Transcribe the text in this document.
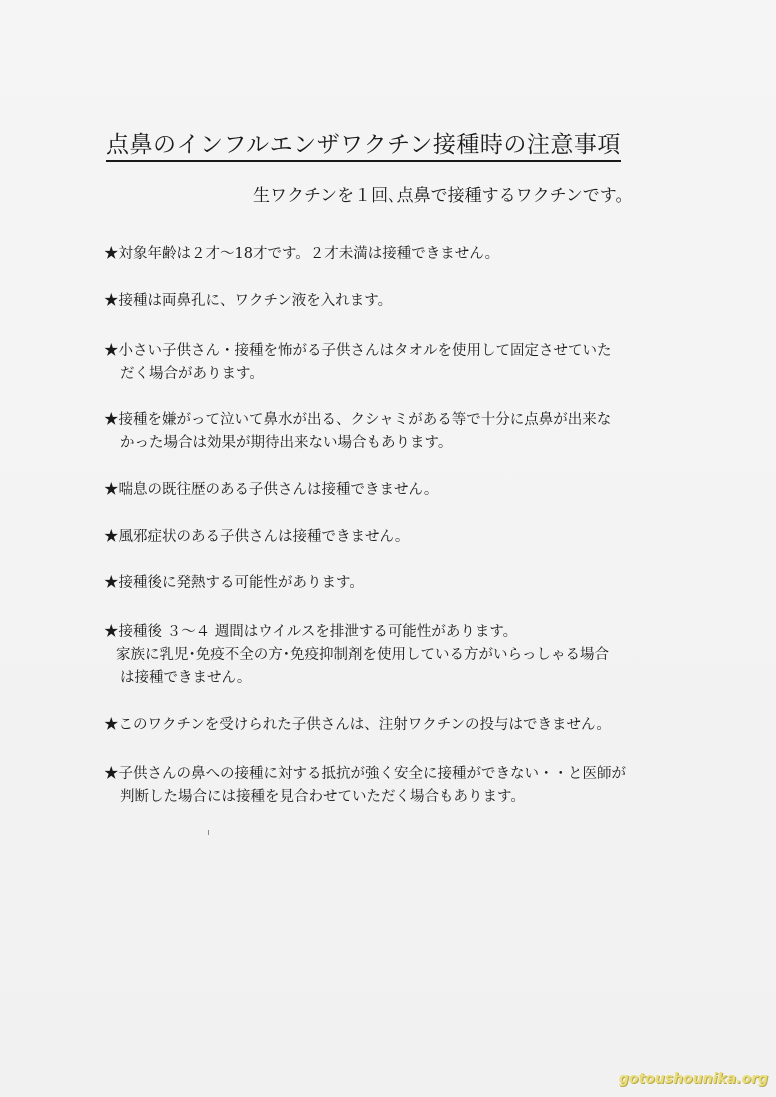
点鼻のインフルエンザワクチン接種時の注意事項
生ワクチンを１回､点鼻で接種するワクチンです。
★対象年齢は２才～18才です。２才未満は接種できません。
★接種は両鼻孔に、ワクチン液を入れます。
★小さい子供さん・接種を怖がる子供さんはタオルを使用して固定させていた
だく場合があります。
★接種を嫌がって泣いて鼻水が出る、クシャミがある等で十分に点鼻が出来な
かった場合は効果が期待出来ない場合もあります。
★喘息の既往歴のある子供さんは接種できません。
★風邪症状のある子供さんは接種できません。
★接種後に発熱する可能性があります。
★接種後 ３～４ 週間はウイルスを排泄する可能性があります。
家族に乳児･免疫不全の方･免疫抑制剤を使用している方がいらっしゃる場合
は接種できません。
★このワクチンを受けられた子供さんは、注射ワクチンの投与はできません。
★子供さんの鼻への接種に対する抵抗が強く安全に接種ができない・・と医師が
判断した場合には接種を見合わせていただく場合もあります。
gotoushounika.org
